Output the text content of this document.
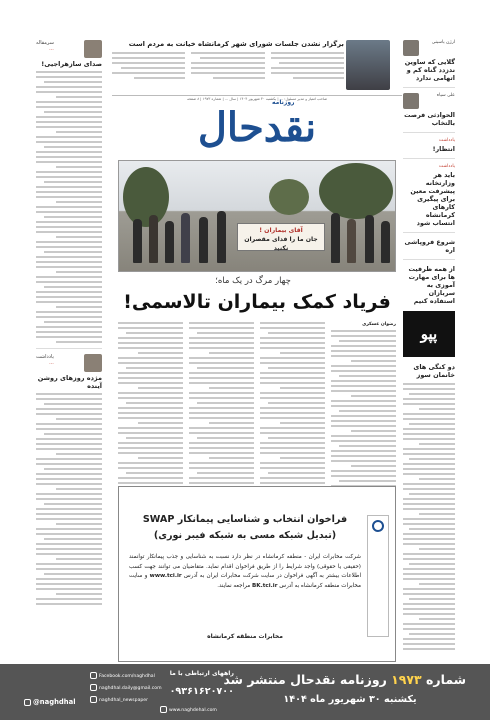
سرمقاله
...
صدای سازهراجیی!
یادداشت
...
مژده روزهای روشن آینده
برگزار نشدن جلسات شورای شهر کرمانشاه خیانت به مردم است
صاحب امتیاز و مدیر مسئول: ... | یکشنبه ۳۰ شهریور ۱۴۰۴ | سال ... | شماره ۱۹۷۳ | ۸ صفحه
روزنامه
نقدحال
ارژن یاسینی
گلایی که ساوین ندزدد گناه کم و اتهامی ندارد
علی سپاه
الحوادثی فرصت بالتخاب
یادداشت
انتظار!
یادداشت
باید هر وزارتخانه پیشرفت معین برای پیگیری کارهای کرمانشاه انتساب شود
شروع فروپاشی اره
از همه ظرفیت ها برای مهارت آموزی به سربازان استفاده کنیم
پپو
دو کنگی های خانمان سوز
آقای بیماران !
جان ما را فدای مقصران نکنید
چهار مرگ در یک ماه؛
فریاد کمک بیماران تالاسمی!
رضوان عسکری
فراخوان انتخاب و شناسایی پیمانکار SWAP
(تبدیل شبکه مسی به شبکه فیبر نوری)
شرکت مخابرات ایران - منطقه کرمانشاه در نظر دارد نسبت به شناسایی و جذب پیمانکار توانمند (حقیقی یا حقوقی) واجد شرایط را از طریق فراخوان اقدام نماید. متقاضیان می توانند جهت کسب اطلاعات بیشتر به آگهی فراخوان در سایت شرکت مخابرات ایران به آدرس www.tci.ir و سایت مخابرات منطقه کرمانشاه به آدرس BK.tci.ir مراجعه نمایند.
مخابرات منطقه کرمانشاه
شماره ۱۹۷۳ روزنامه نقدحال منتشر شد
یکشنبه ۳۰ شهریور ماه ۱۴۰۴
راههای ارتباطی با ما
۰۹۳۶۱۶۲۰۷۰۰
Facebook.com/naghdhal
naghdhal.daily@gmail.com
naghdhal_newspaper
www.naghdehal.com
@naghdhal
